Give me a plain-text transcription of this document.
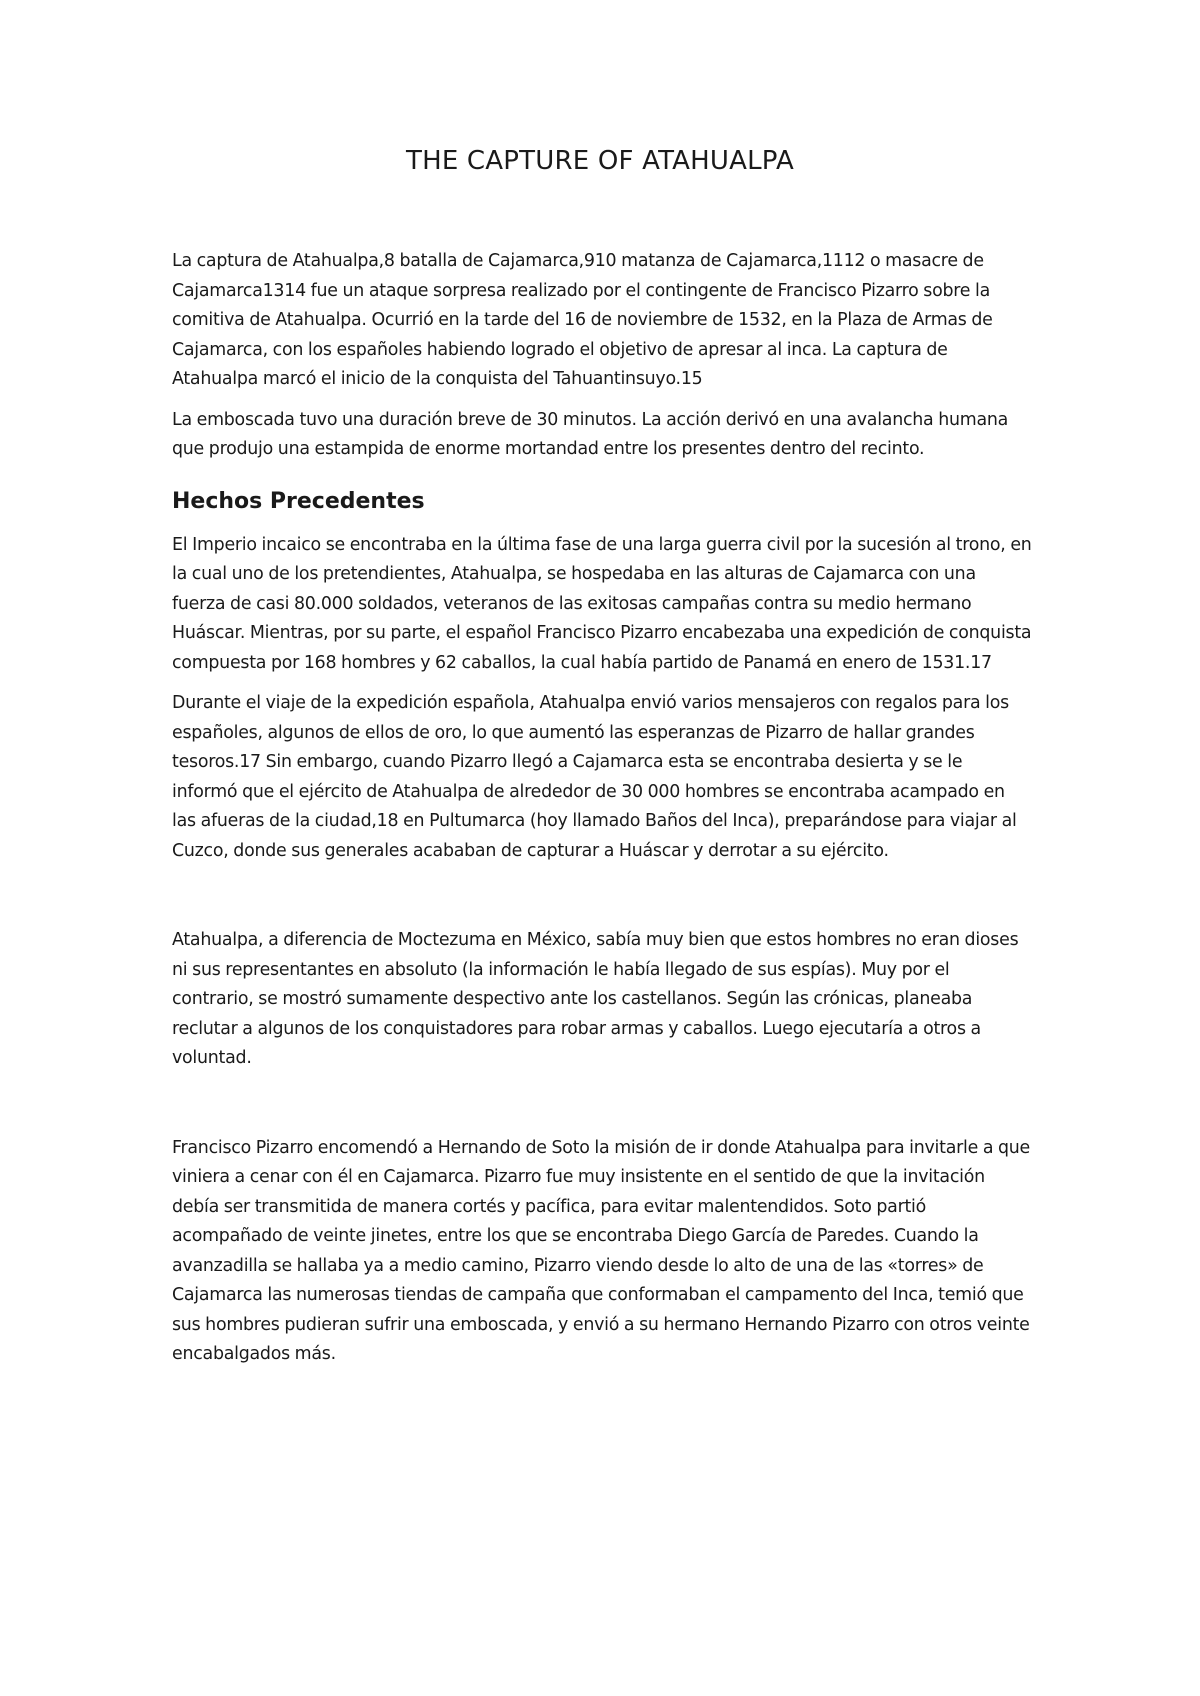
THE CAPTURE OF ATAHUALPA

La captura de Atahualpa,8 batalla de Cajamarca,910 matanza de Cajamarca,1112 o masacre de Cajamarca1314 fue un ataque sorpresa realizado por el contingente de Francisco Pizarro sobre la comitiva de Atahualpa. Ocurrió en la tarde del 16 de noviembre de 1532, en la Plaza de Armas de Cajamarca, con los españoles habiendo logrado el objetivo de apresar al inca. La captura de Atahualpa marcó el inicio de la conquista del Tahuantinsuyo.15

La emboscada tuvo una duración breve de 30 minutos. La acción derivó en una avalancha humana que produjo una estampida de enorme mortandad entre los presentes dentro del recinto.

Hechos Precedentes

El Imperio incaico se encontraba en la última fase de una larga guerra civil por la sucesión al trono, en la cual uno de los pretendientes, Atahualpa, se hospedaba en las alturas de Cajamarca con una fuerza de casi 80.000 soldados, veteranos de las exitosas campañas contra su medio hermano Huáscar. Mientras, por su parte, el español Francisco Pizarro encabezaba una expedición de conquista compuesta por 168 hombres y 62 caballos, la cual había partido de Panamá en enero de 1531.17

Durante el viaje de la expedición española, Atahualpa envió varios mensajeros con regalos para los españoles, algunos de ellos de oro, lo que aumentó las esperanzas de Pizarro de hallar grandes tesoros.17 Sin embargo, cuando Pizarro llegó a Cajamarca esta se encontraba desierta y se le informó que el ejército de Atahualpa de alrededor de 30 000 hombres se encontraba acampado en las afueras de la ciudad,18 en Pultumarca (hoy llamado Baños del Inca), preparándose para viajar al Cuzco, donde sus generales acababan de capturar a Huáscar y derrotar a su ejército.

Atahualpa, a diferencia de Moctezuma en México, sabía muy bien que estos hombres no eran dioses ni sus representantes en absoluto (la información le había llegado de sus espías). Muy por el contrario, se mostró sumamente despectivo ante los castellanos. Según las crónicas, planeaba reclutar a algunos de los conquistadores para robar armas y caballos. Luego ejecutaría a otros a voluntad.

Francisco Pizarro encomendó a Hernando de Soto la misión de ir donde Atahualpa para invitarle a que viniera a cenar con él en Cajamarca. Pizarro fue muy insistente en el sentido de que la invitación debía ser transmitida de manera cortés y pacífica, para evitar malentendidos. Soto partió acompañado de veinte jinetes, entre los que se encontraba Diego García de Paredes. Cuando la avanzadilla se hallaba ya a medio camino, Pizarro viendo desde lo alto de una de las «torres» de Cajamarca las numerosas tiendas de campaña que conformaban el campamento del Inca, temió que sus hombres pudieran sufrir una emboscada, y envió a su hermano Hernando Pizarro con otros veinte encabalgados más.
